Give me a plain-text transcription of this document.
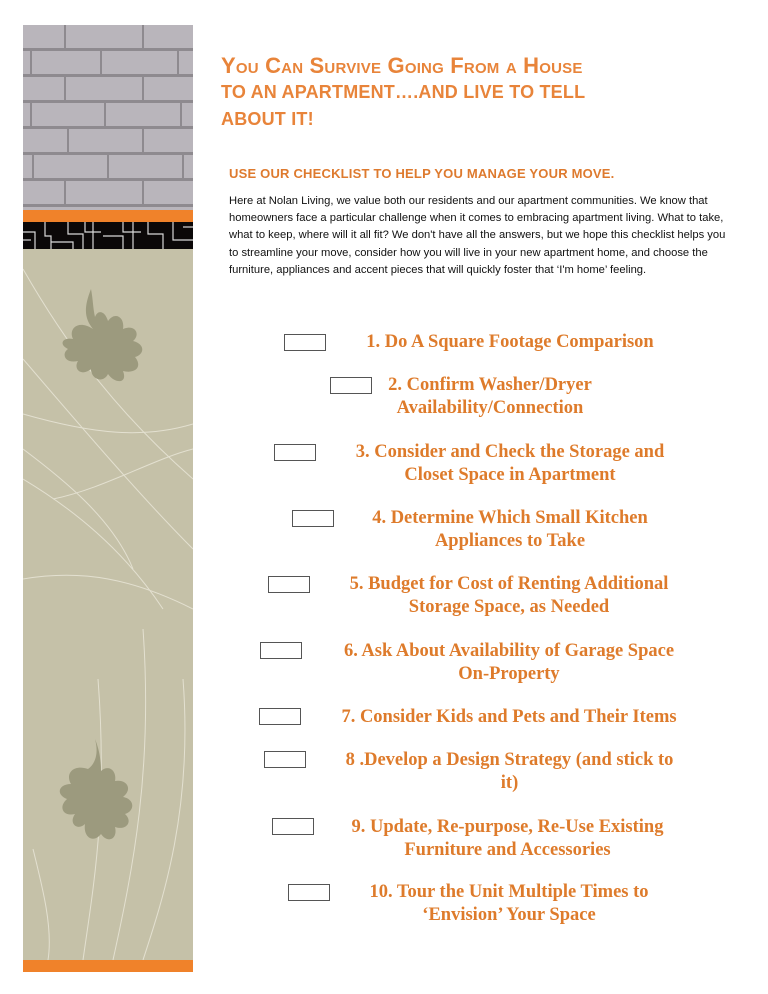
You Can Survive Going From a House
TO AN APARTMENT….AND LIVE TO TELL
ABOUT IT!
USE OUR CHECKLIST TO HELP YOU MANAGE YOUR MOVE.
Here at Nolan Living, we value both our residents and our apartment communities. We know that homeowners face a particular challenge when it comes to embracing apartment living. What to take, what to keep, where will it all fit? We don't have all the answers, but we hope this checklist helps you to streamline your move, consider how you will live in your new apartment home, and choose the furniture, appliances and accent pieces that will quickly foster that ‘I'm home’ feeling.
1. Do A Square Footage Comparison
2. Confirm Washer/Dryer
Availability/Connection
3. Consider and Check the Storage and
Closet Space in Apartment
4. Determine Which Small Kitchen
Appliances to Take
5. Budget for Cost of Renting Additional
Storage Space, as Needed
6. Ask About Availability of Garage Space
On-Property
7. Consider Kids and Pets and Their Items
8 .Develop a Design Strategy (and stick to
it)
9. Update, Re-purpose, Re-Use Existing
Furniture and Accessories
10. Tour the Unit Multiple Times to
‘Envision’ Your Space
